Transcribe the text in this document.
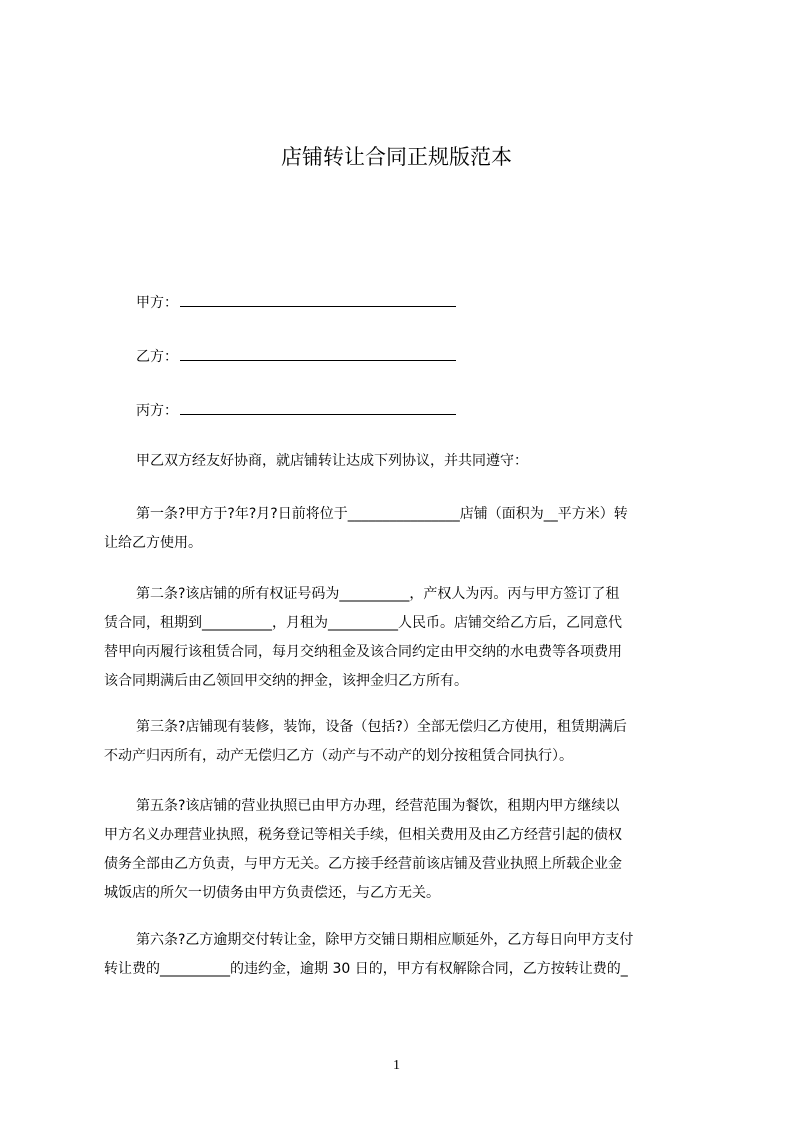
店铺转让合同正规版范本
甲方：
乙方：
丙方：

甲乙双方经友好协商，就店铺转让达成下列协议，并共同遵守：

第一条?甲方于?年?月?日前将位于________________店铺（面积为__平方米）转
让给乙方使用。

第二条?该店铺的所有权证号码为__________，产权人为丙。丙与甲方签订了租
赁合同，租期到__________，月租为__________人民币。店铺交给乙方后，乙同意代
替甲向丙履行该租赁合同，每月交纳租金及该合同约定由甲交纳的水电费等各项费用
该合同期满后由乙领回甲交纳的押金，该押金归乙方所有。

第三条?店铺现有装修，装饰，设备（包括?）全部无偿归乙方使用，租赁期满后
不动产归丙所有，动产无偿归乙方（动产与不动产的划分按租赁合同执行）。

第五条?该店铺的营业执照已由甲方办理，经营范围为餐饮，租期内甲方继续以
甲方名义办理营业执照，税务登记等相关手续，但相关费用及由乙方经营引起的债权
债务全部由乙方负责，与甲方无关。乙方接手经营前该店铺及营业执照上所载企业金
城饭店的所欠一切债务由甲方负责偿还，与乙方无关。

第六条?乙方逾期交付转让金，除甲方交铺日期相应顺延外，乙方每日向甲方支付
转让费的__________的违约金，逾期 30 日的，甲方有权解除合同，乙方按转让费的_

1
